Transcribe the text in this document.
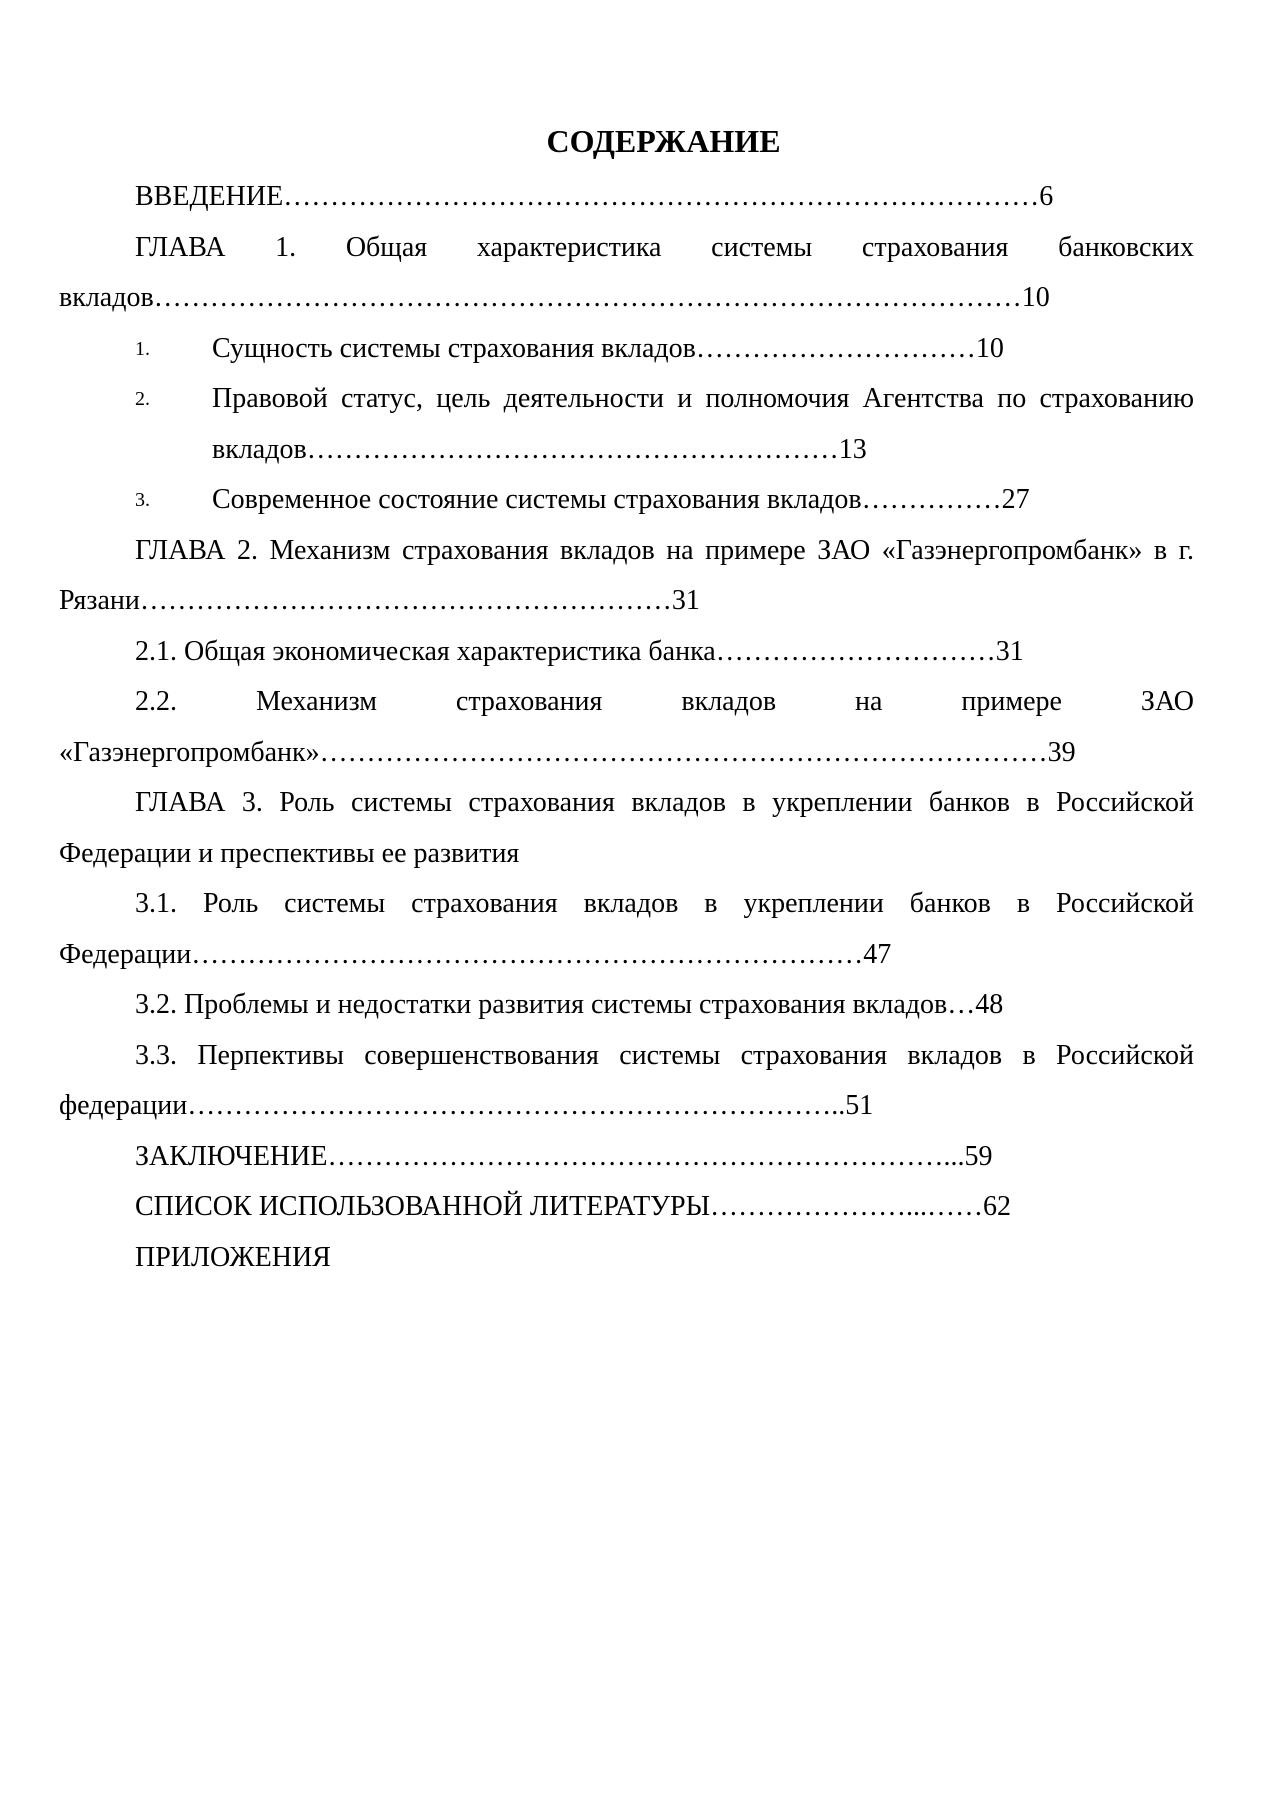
СОДЕРЖАНИЕ

ВВЕДЕНИЕ………………………………………………………………………6

ГЛАВА 1. Общая характеристика системы страхования банковских вкладов…………………………………………………………………………………10

1. Сущность системы страхования вкладов…………………………10

2. Правовой статус, цель деятельности и полномочия Агентства по страхованию вкладов…………………………………………………13

3. Современное состояние системы страхования вкладов……………27

ГЛАВА 2. Механизм страхования вкладов на примере ЗАО «Газэнергопромбанк» в г. Рязани…………………………………………………31

2.1. Общая экономическая характеристика банка…………………………31

2.2. Механизм страхования вкладов на примере ЗАО «Газэнергопромбанк»……………………………………………………………………39

ГЛАВА 3. Роль системы страхования вкладов в укреплении банков в Российской Федерации и преспективы ее развития

3.1. Роль системы страхования вкладов в укреплении банков в Российской Федерации………………………………………………………………47

3.2. Проблемы и недостатки развития системы страхования вкладов…48

3.3. Перпективы совершенствования системы страхования вкладов в Российской федерации……………………………………………………………..51

ЗАКЛЮЧЕНИЕ…………………………………………………………...59

СПИСОК ИСПОЛЬЗОВАННОЙ ЛИТЕРАТУРЫ…………………...……62

ПРИЛОЖЕНИЯ
